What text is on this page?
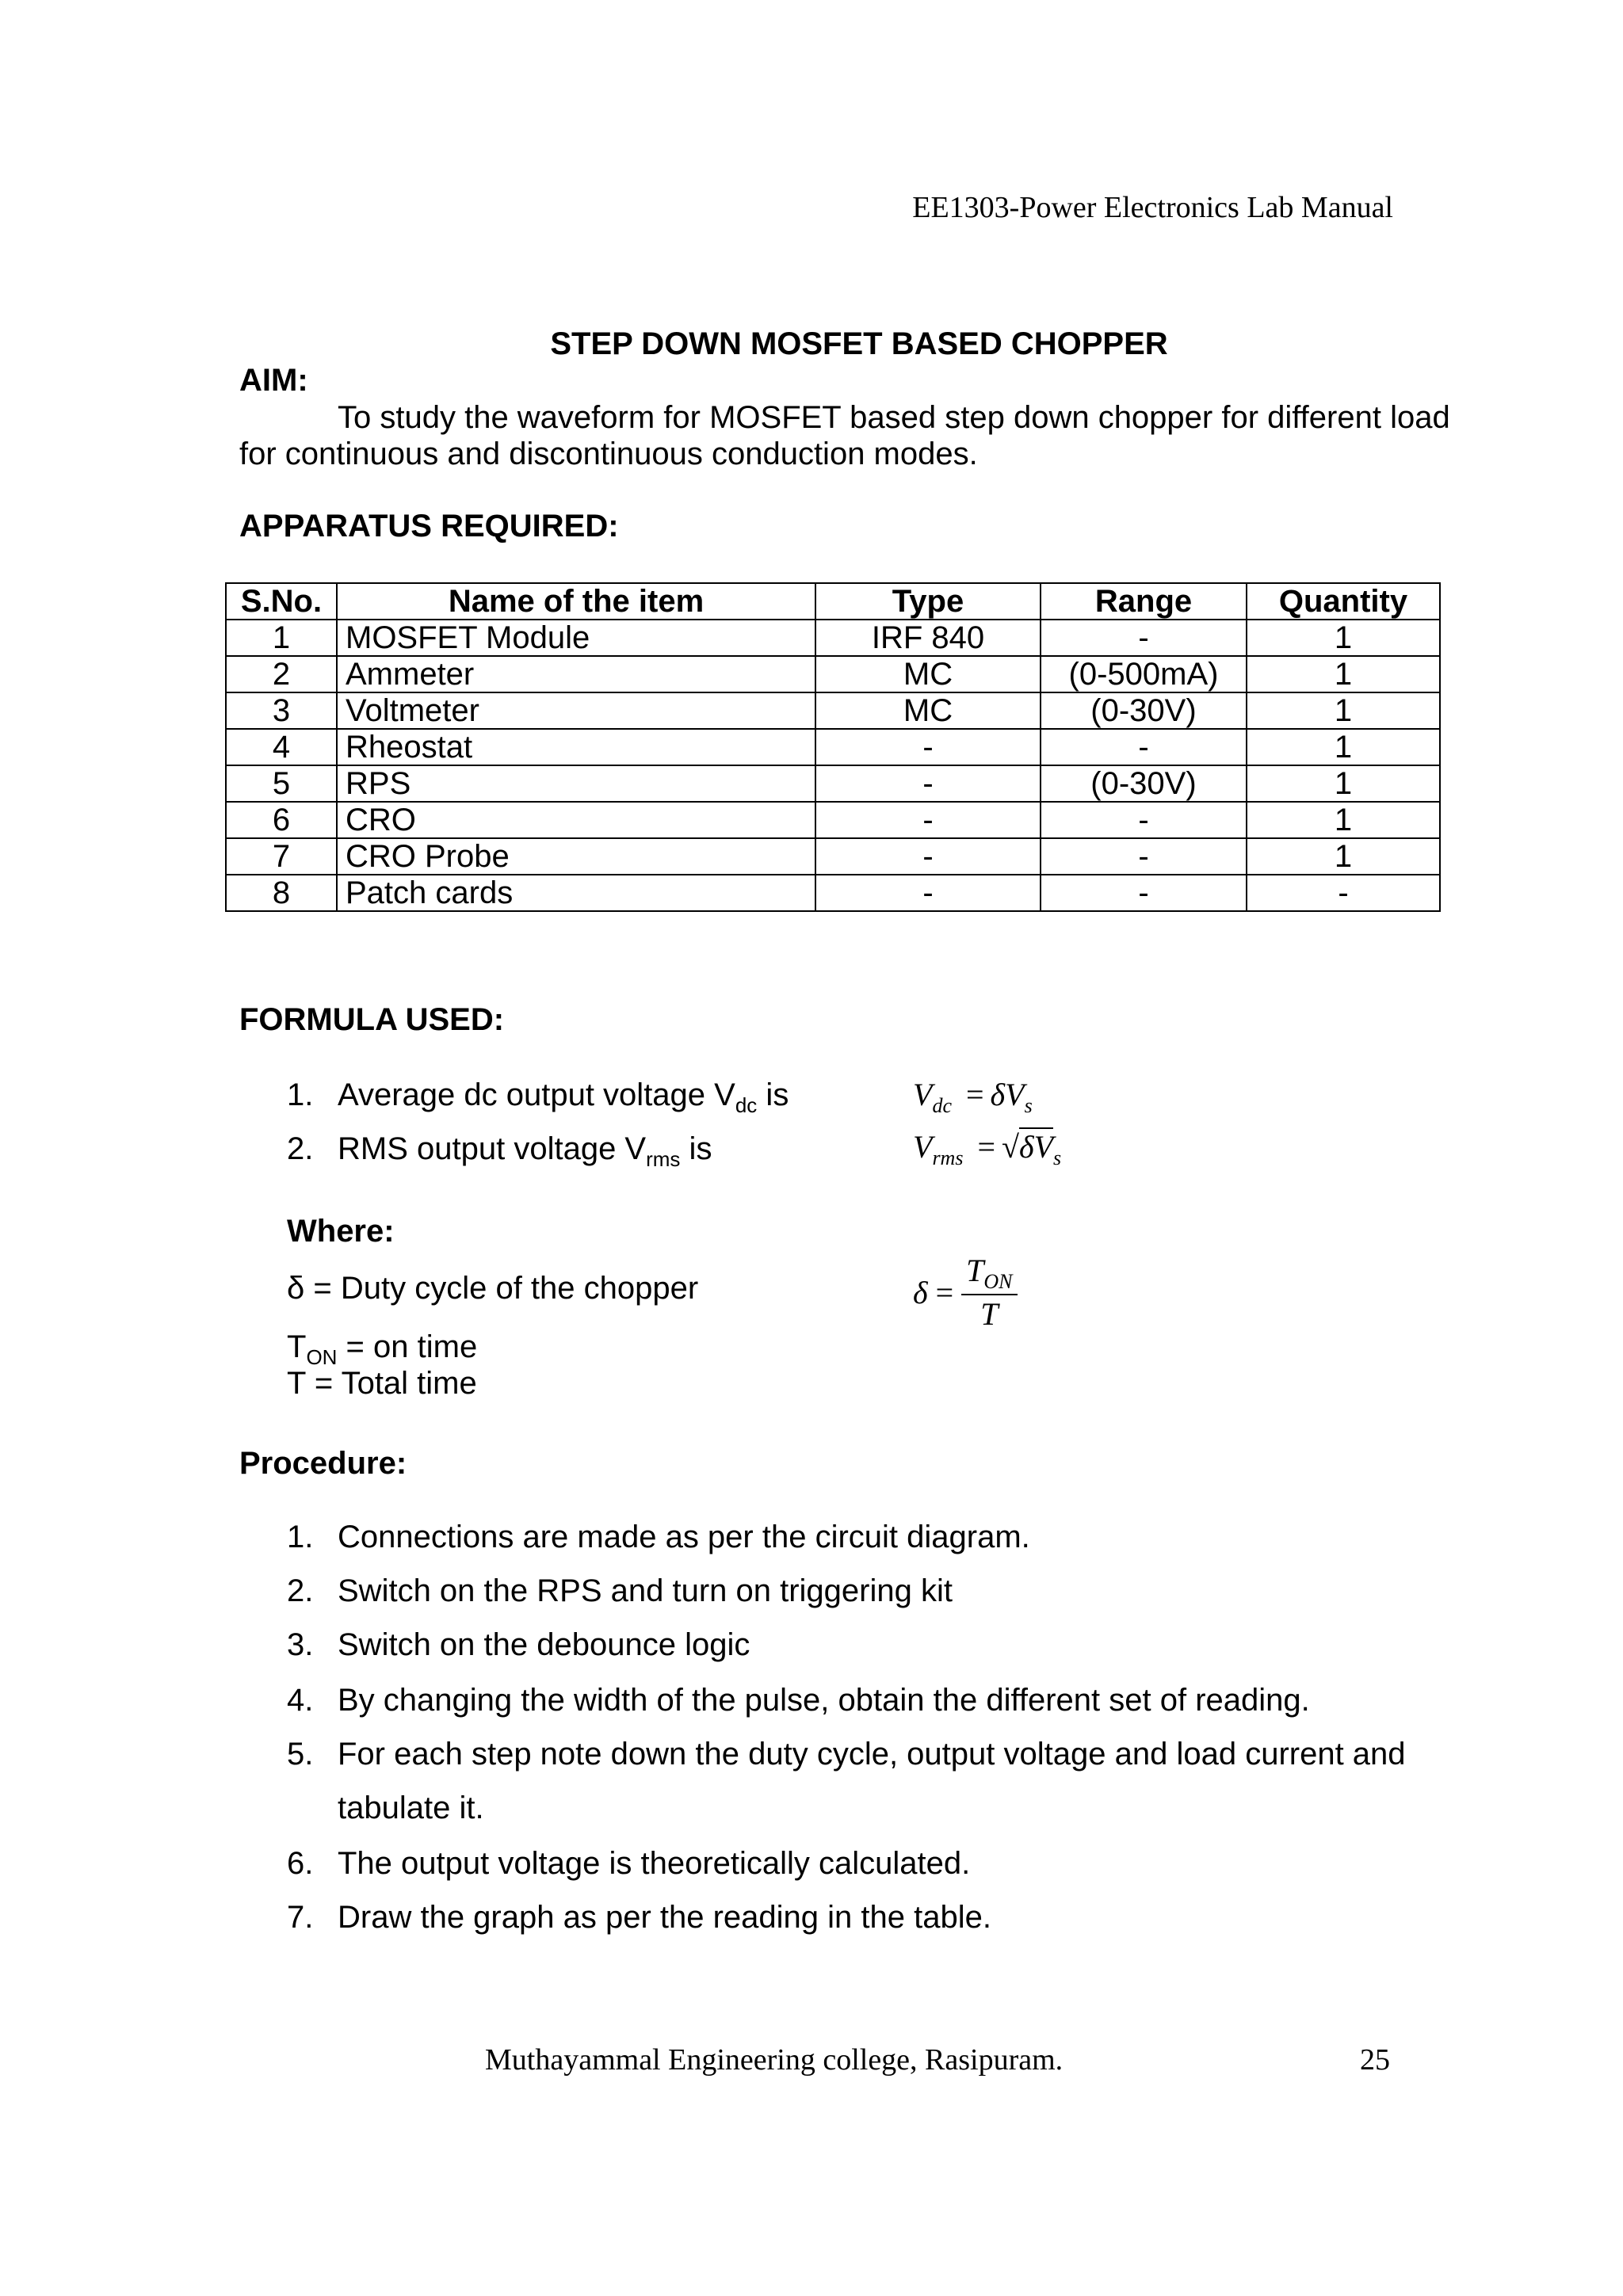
EE1303-Power Electronics Lab Manual
STEP DOWN MOSFET BASED CHOPPER
AIM:
To study the waveform for MOSFET based step down chopper for different load for continuous and discontinuous conduction modes.
APPARATUS REQUIRED:
S.No.	Name of the item	Type	Range	Quantity
1	MOSFET Module	IRF 840	-	1
2	Ammeter	MC	(0-500mA)	1
3	Voltmeter	MC	(0-30V)	1
4	Rheostat	-	-	1
5	RPS	-	(0-30V)	1
6	CRO	-	-	1
7	CRO Probe	-	-	1
8	Patch cards	-	-	-
FORMULA USED:
1. Average dc output voltage $V_{dc}$ is
2. RMS output voltage $V_{rms}$ is
$V_{dc} = \delta V_s$
$V_{rms} = √\delta V_s$
Where:
δ = Duty cycle of the chopper	δ =
$T_{ON}$
T
$T_{ON}$ = on time
T = Total time
Procedure:
1. Connections are made as per the circuit diagram.
2. Switch on the RPS and turn on triggering kit
3. Switch on the debounce logic
4. By changing the width of the pulse, obtain the different set of reading.
5. For each step note down the duty cycle, output voltage and load current and
tabulate it.
6. The output voltage is theoretically calculated.
7. Draw the graph as per the reading in the table.
Muthayammal Engineering college, Rasipuram.	25
